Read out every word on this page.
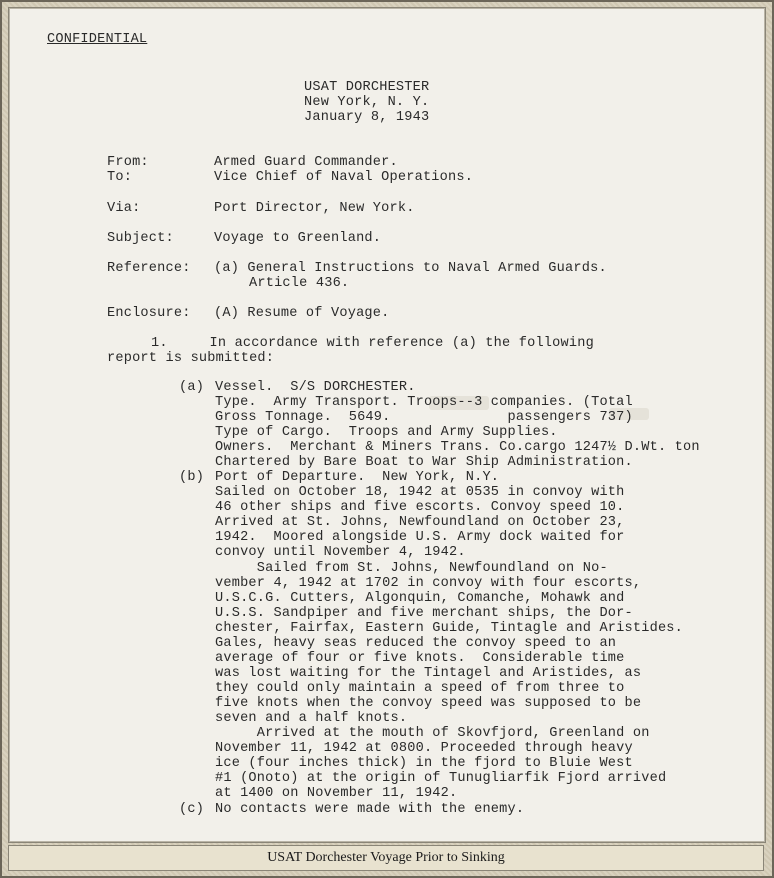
CONFIDENTIAL
USAT DORCHESTER
New York, N. Y.
January 8, 1943
From:	Armed Guard Commander.
To:	Vice Chief of Naval Operations.
Via:	Port Director, New York.
Subject:	Voyage to Greenland.
Reference: (a) General Instructions to Naval Armed Guards.
Article 436.
Enclosure: (A) Resume of Voyage.
1.     In accordance with reference (a) the following
report is submitted:
(a) Vessel.  S/S DORCHESTER.
Type.  Army Transport. Troops--3 companies. (Total
Gross Tonnage.  5649.              passengers 737)
Type of Cargo.  Troops and Army Supplies.
Owners.  Merchant & Miners Trans. Co.cargo 1247½ D.Wt. ton
Chartered by Bare Boat to War Ship Administration.
(b) Port of Departure.  New York, N.Y.
Sailed on October 18, 1942 at 0535 in convoy with
46 other ships and five escorts. Convoy speed 10.
Arrived at St. Johns, Newfoundland on October 23,
1942.  Moored alongside U.S. Army dock waited for
convoy until November 4, 1942.
Sailed from St. Johns, Newfoundland on No-
vember 4, 1942 at 1702 in convoy with four escorts,
U.S.C.G. Cutters, Algonquin, Comanche, Mohawk and
U.S.S. Sandpiper and five merchant ships, the Dor-
chester, Fairfax, Eastern Guide, Tintagle and Aristides.
Gales, heavy seas reduced the convoy speed to an
average of four or five knots.  Considerable time
was lost waiting for the Tintagel and Aristides, as
they could only maintain a speed of from three to
five knots when the convoy speed was supposed to be
seven and a half knots.
Arrived at the mouth of Skovfjord, Greenland on
November 11, 1942 at 0800. Proceeded through heavy
ice (four inches thick) in the fjord to Bluie West
#1 (Onoto) at the origin of Tunugliarfik Fjord arrived
at 1400 on November 11, 1942.
(c) No contacts were made with the enemy.
USAT Dorchester Voyage Prior to Sinking
